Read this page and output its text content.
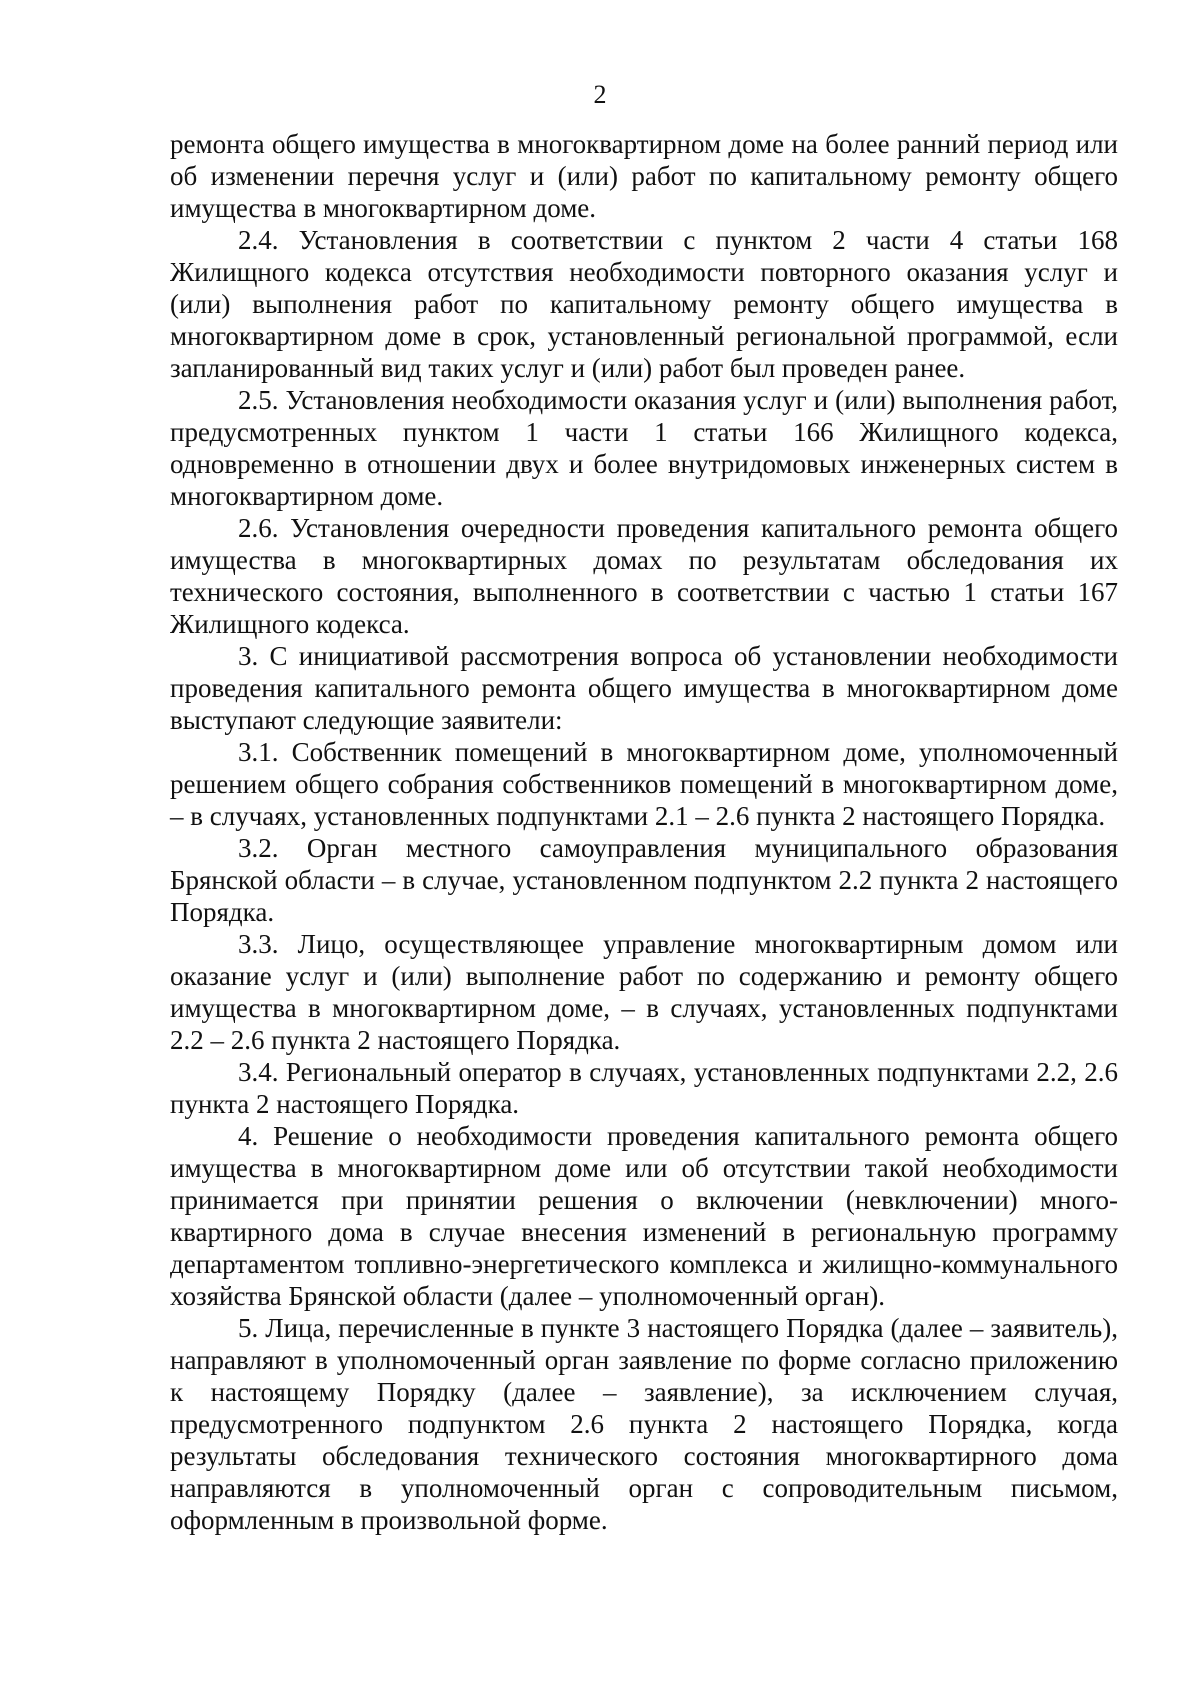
2

ремонта общего имущества в многоквартирном доме на более ранний период или об изменении перечня услуг и (или) работ по капитальному ремонту общего имущества в многоквартирном доме.

2.4. Установления в соответствии с пунктом 2 части 4 статьи 168 Жилищного кодекса отсутствия необходимости повторного оказания услуг и (или) выполнения работ по капитальному ремонту общего имущества в многоквартирном доме в срок, установленный региональной программой, если запланированный вид таких услуг и (или) работ был проведен ранее.

2.5. Установления необходимости оказания услуг и (или) выполнения работ, предусмотренных пунктом 1 части 1 статьи 166 Жилищного кодекса, одновременно в отношении двух и более внутридомовых инженерных систем в многоквартирном доме.

2.6. Установления очередности проведения капитального ремонта общего имущества в многоквартирных домах по результатам обследования их технического состояния, выполненного в соответствии с частью 1 статьи 167 Жилищного кодекса.

3. С инициативой рассмотрения вопроса об установлении необходимости проведения капитального ремонта общего имущества в многоквартирном доме выступают следующие заявители:

3.1. Собственник помещений в многоквартирном доме, уполномоченный решением общего собрания собственников помещений в многоквартирном доме, – в случаях, установленных подпунктами 2.1 – 2.6 пункта 2 настоящего Порядка.

3.2. Орган местного самоуправления муниципального образования Брянской области – в случае, установленном подпунктом 2.2 пункта 2 настоящего Порядка.

3.3. Лицо, осуществляющее управление многоквартирным домом или оказание услуг и (или) выполнение работ по содержанию и ремонту общего имущества в многоквартирном доме, – в случаях, установленных подпунктами 2.2 – 2.6 пункта 2 настоящего Порядка.

3.4. Региональный оператор в случаях, установленных подпунктами 2.2, 2.6 пункта 2 настоящего Порядка.

4. Решение о необходимости проведения капитального ремонта общего имущества в многоквартирном доме или об отсутствии такой необходимости принимается при принятии решения о включении (невключении) многоквартирного дома в случае внесения изменений в региональную программу департаментом топливно-энергетического комплекса и жилищно-коммунального хозяйства Брянской области (далее – уполномоченный орган).

5. Лица, перечисленные в пункте 3 настоящего Порядка (далее – заявитель), направляют в уполномоченный орган заявление по форме согласно приложению к настоящему Порядку (далее – заявление), за исключением случая, предусмотренного подпунктом 2.6 пункта 2 настоящего Порядка, когда результаты обследования технического состояния многоквартирного дома направляются в уполномоченный орган с сопроводительным письмом, оформленным в произвольной форме.
